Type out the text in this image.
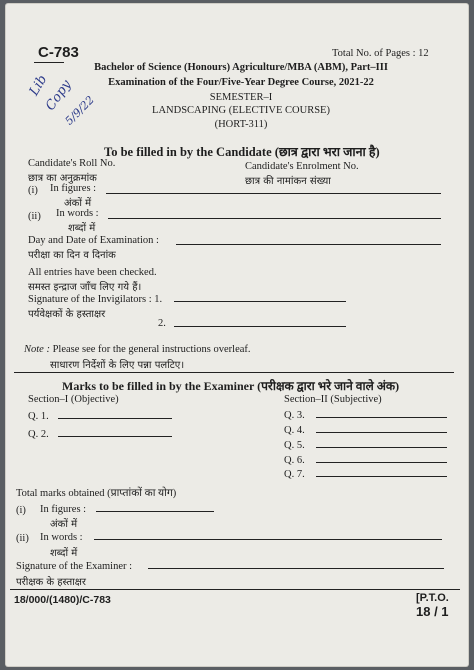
C-783	Total No. of Pages : 12
Bachelor of Science (Honours) Agriculture/MBA (ABM), Part–III
Examination of the Four/Five-Year Degree Course, 2021-22
SEMESTER–I
LANDSCAPING (ELECTIVE COURSE)
(HORT-311)
Lib
Copy
5/9/22
To be filled in by the Candidate (छात्र द्वारा भरा जाना है)
Candidate's Roll No.
छात्र का अनुक्रमांक
Candidate's Enrolment No.
छात्र की नामांकन संख्या
(i) In figures :
अंकों में
(ii) In words :
शब्दों में
Day and Date of Examination :
परीक्षा का दिन व दिनांक
All entries have been checked.
समस्त इन्द्राज जाँच लिए गये हैं।
Signature of the Invigilators : 1.
पर्यवेक्षकों के हस्ताक्षर
2.
Note : Please see for the general instructions overleaf.
साधारण निर्देशों के लिए पन्ना पलटिए।
Marks to be filled in by the Examiner (परीक्षक द्वारा भरे जाने वाले अंक)
Section–I (Objective)	Section–II (Subjective)
Q. 1.
Q. 2.
Q. 3.
Q. 4.
Q. 5.
Q. 6.
Q. 7.
Total marks obtained (प्राप्तांकों का योग)
(i) In figures :
अंकों में
(ii) In words :
शब्दों में
Signature of the Examiner :
परीक्षक के हस्ताक्षर
18/000/(1480)/C-783	[P.T.O.
18 / 1
